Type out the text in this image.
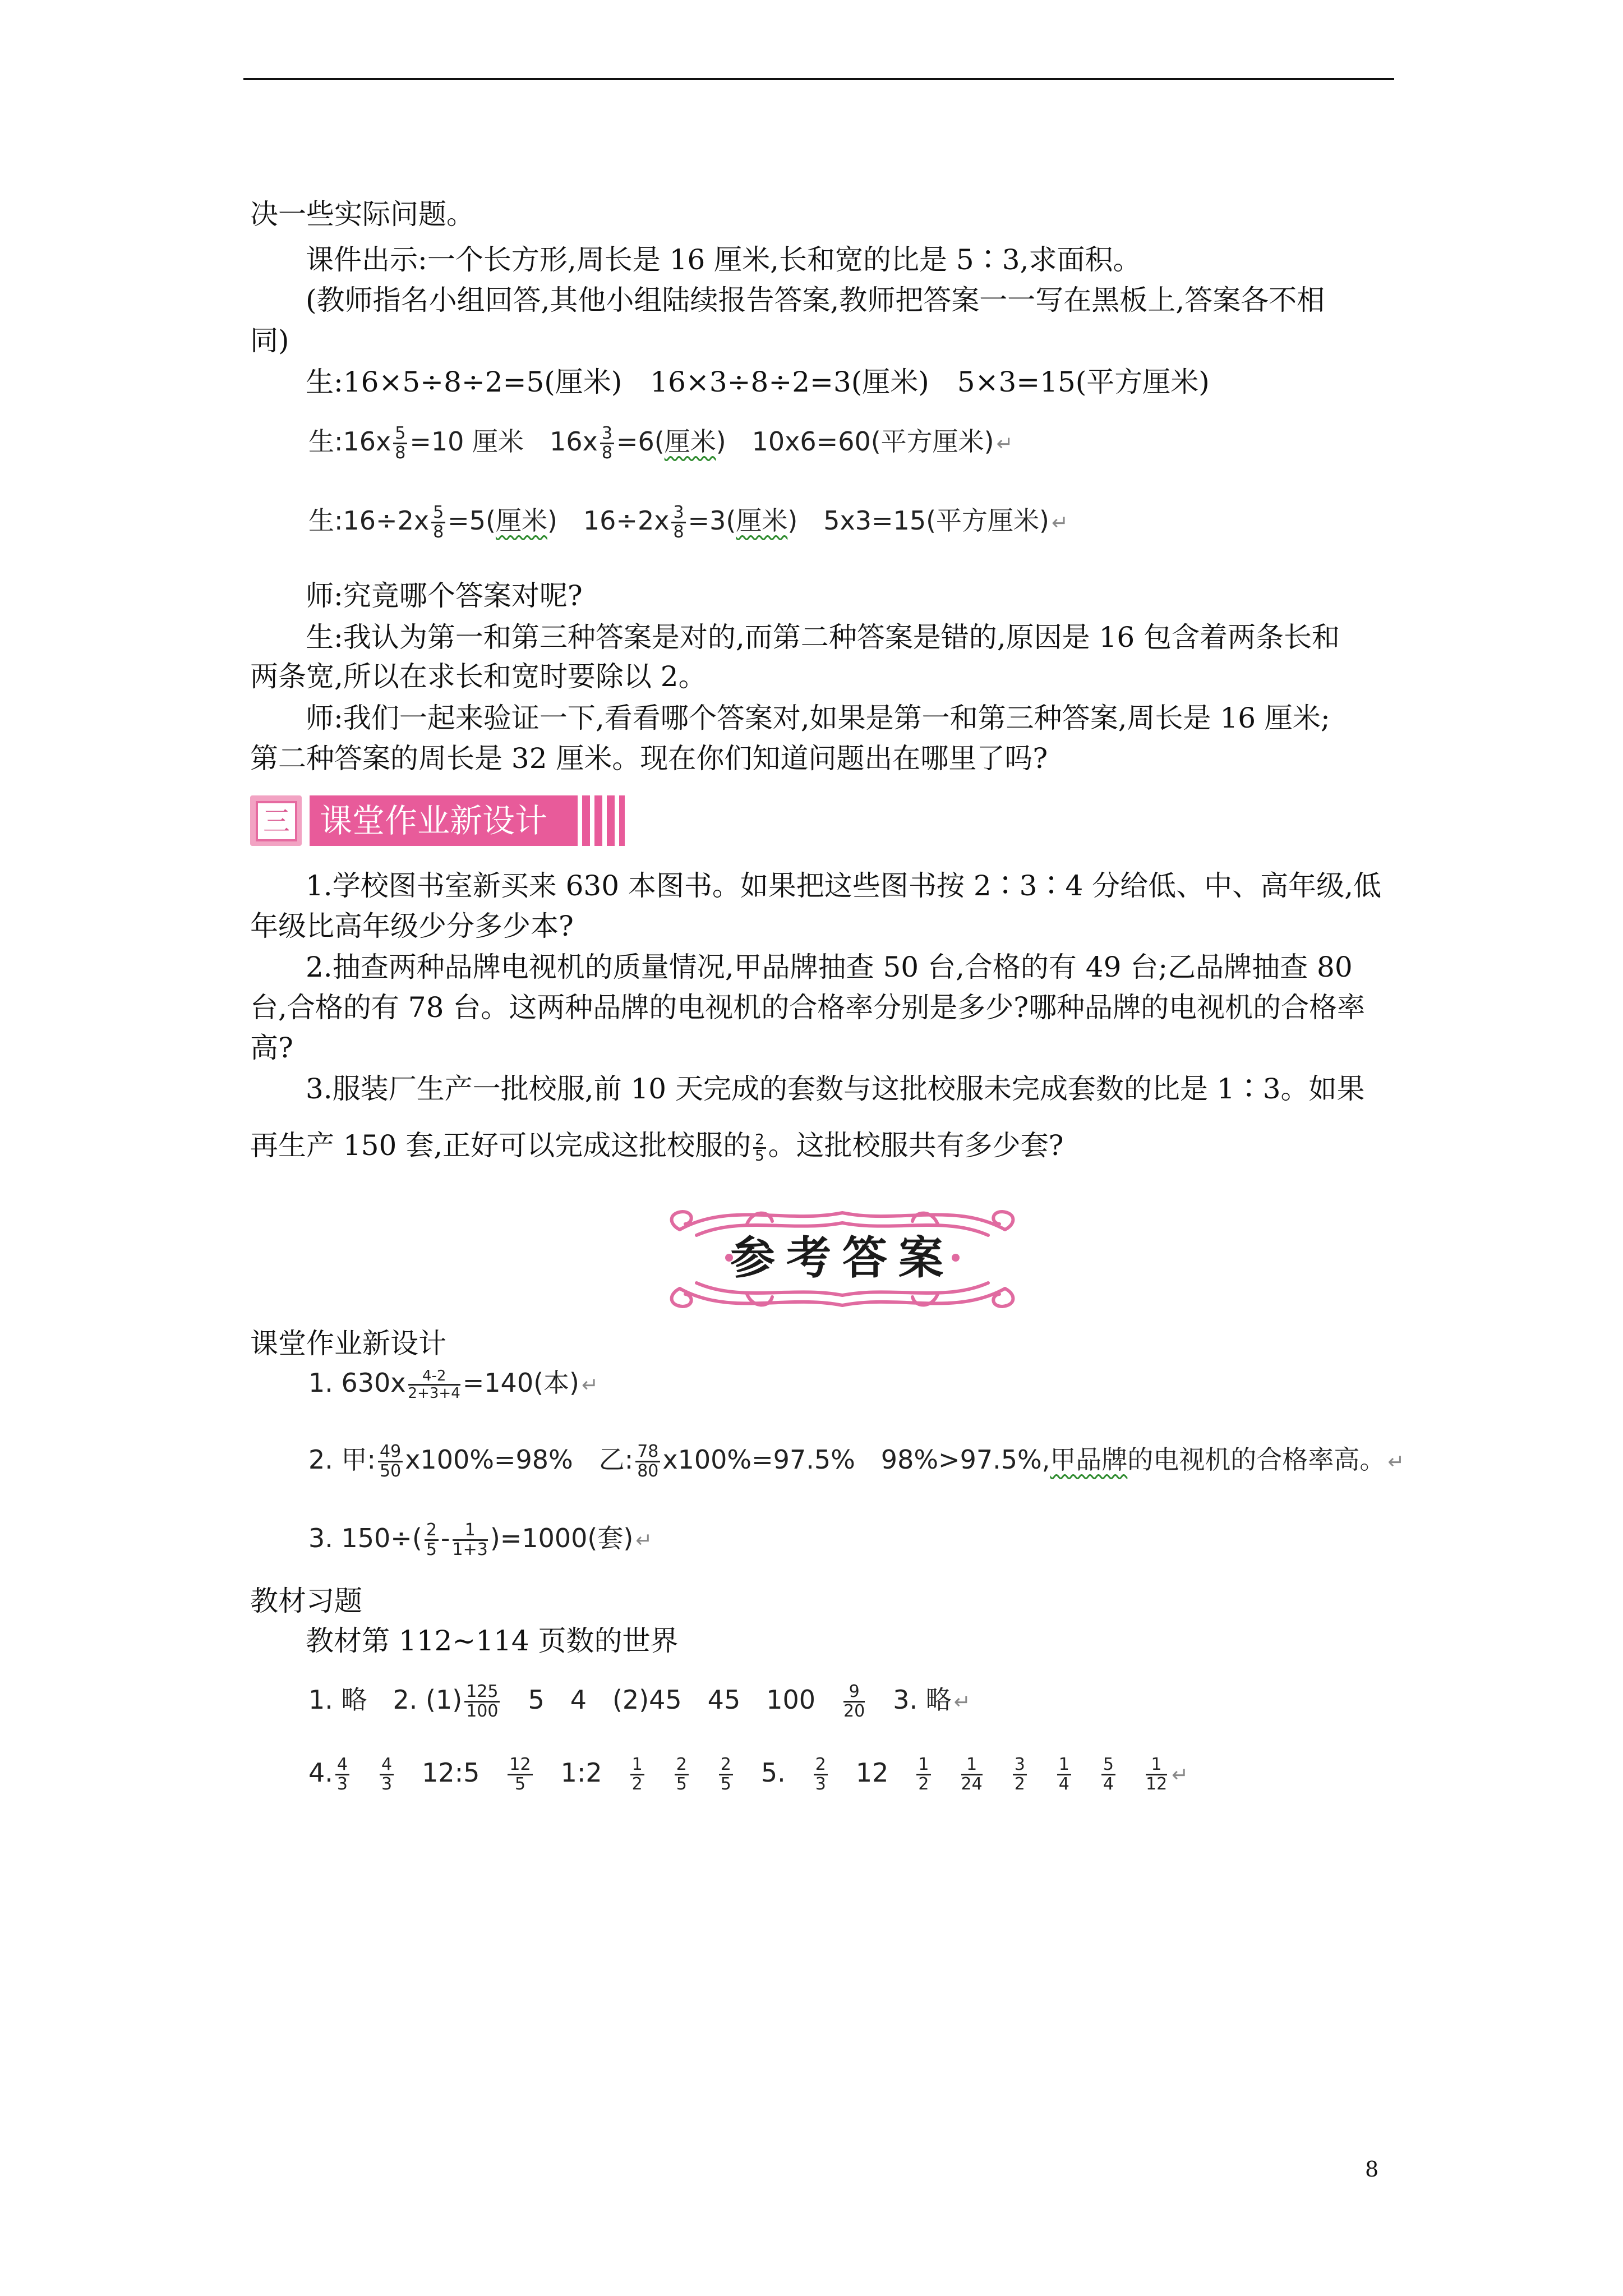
决一些实际问题。
课件出示:一个长方形,周长是 16 厘米,长和宽的比是 5∶3,求面积。
(教师指名小组回答,其他小组陆续报告答案,教师把答案一一写在黑板上,答案各不相
同)
生:16×5÷8÷2=5(厘米)　16×3÷8÷2=3(厘米)　5×3=15(平方厘米)
生:16x $\frac{5}{8} =10$ 厘米　$16x \frac{3}{8} =6$(厘米)　10x6=60(平方厘米) ↵
生:16÷2x $\frac{5}{8} =5$(厘米)　$16\div 2x \frac{3}{8} =3$(厘米)　5x3=15(平方厘米) ↵
师:究竟哪个答案对呢?
生:我认为第一和第三种答案是对的,而第二种答案是错的,原因是 16 包含着两条长和
两条宽,所以在求长和宽时要除以 2。
师:我们一起来验证一下,看看哪个答案对,如果是第一和第三种答案,周长是 16 厘米;
第二种答案的周长是 32 厘米。现在你们知道问题出在哪里了吗?
三 课堂作业新设计
1.学校图书室新买来 630 本图书。如果把这些图书按 2∶3∶4 分给低、中、高年级,低
年级比高年级少分多少本?
2.抽查两种品牌电视机的质量情况,甲品牌抽查 50 台,合格的有 49 台;乙品牌抽查 80
台,合格的有 78 台。这两种品牌的电视机的合格率分别是多少?哪种品牌的电视机的合格率
高?
3.服装厂生产一批校服,前 10 天完成的套数与这批校服未完成套数的比是 1∶3。如果
再生产 150 套,正好可以完成这批校服的 $\frac{2}{5}$ 。这批校服共有多少套?
参考答案
课堂作业新设计
1. $630x \frac{4-2}{2+3+4} =140$(本) ↵
2. 甲: $\frac{49}{50} x100\%=98\%$　乙: $\frac{78}{80} x100\%=97.5\%$　98%>97.5%,甲品牌的电视机的合格率高。 ↵
3. $150\div( \frac{2}{5} - \frac{1}{1+3} )=1000$(套) ↵
教材习题
教材第 112~114 页数的世界
1. 略　2. $(1) \frac{125}{100}$ 　5　4　(2)45　45　100　 $\frac{9}{20}$ 　3. 略 ↵
4. $\frac{4}{3}$
  $\frac{4}{3}$
  12:5  $\frac{12}{5}$
  1:2  $\frac{1}{2}$
  $\frac{2}{5}$
  $\frac{2}{5}$
  5.  $\frac{2}{3}$
  12  $\frac{1}{2}$
  $\frac{1}{24}$
  $\frac{3}{2}$
  $\frac{1}{4}$
  $\frac{5}{4}$
  $\frac{1}{12}$ ↵
8
